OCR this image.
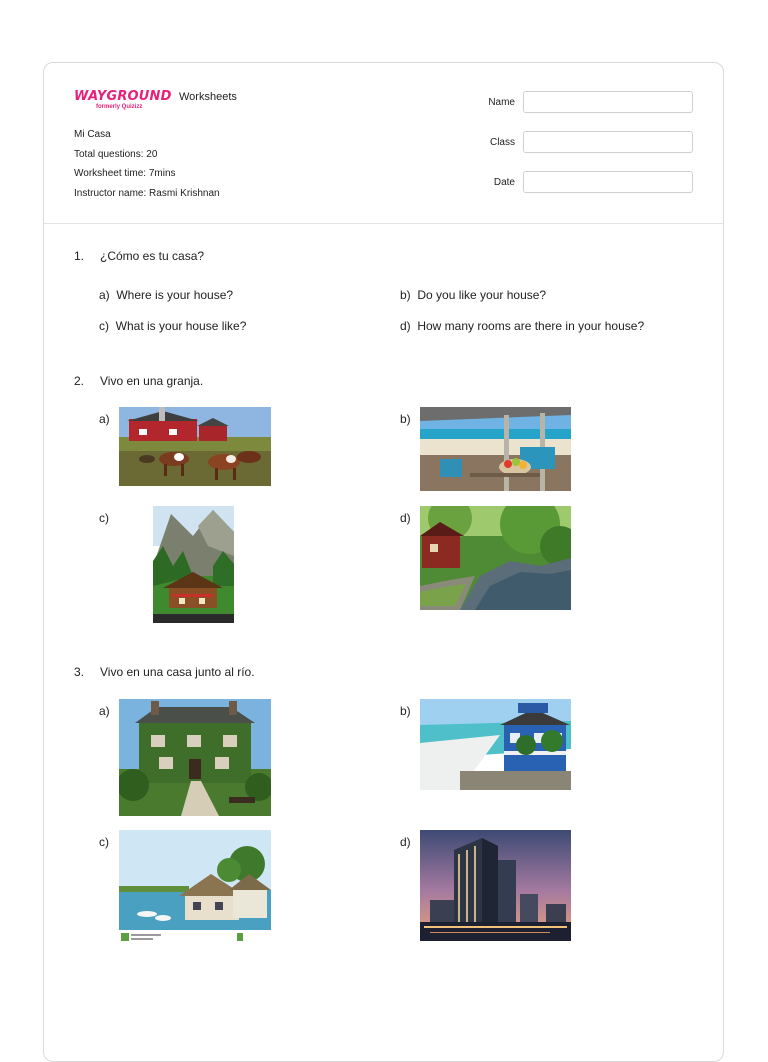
WAYGROUND
formerly Quizizz
Worksheets
Mi Casa
Total questions: 20
Worksheet time: 7mins
Instructor name: Rasmi Krishnan
Name
Class
Date
1. ¿Cómo es tu casa?
a) Where is your house?	b) Do you like your house?
c) What is your house like?	d) How many rooms are there in your house?
2. Vivo en una granja.
a)	b)
c)	d)
3. Vivo en una casa junto al río.
a)	b)
c)	d)
